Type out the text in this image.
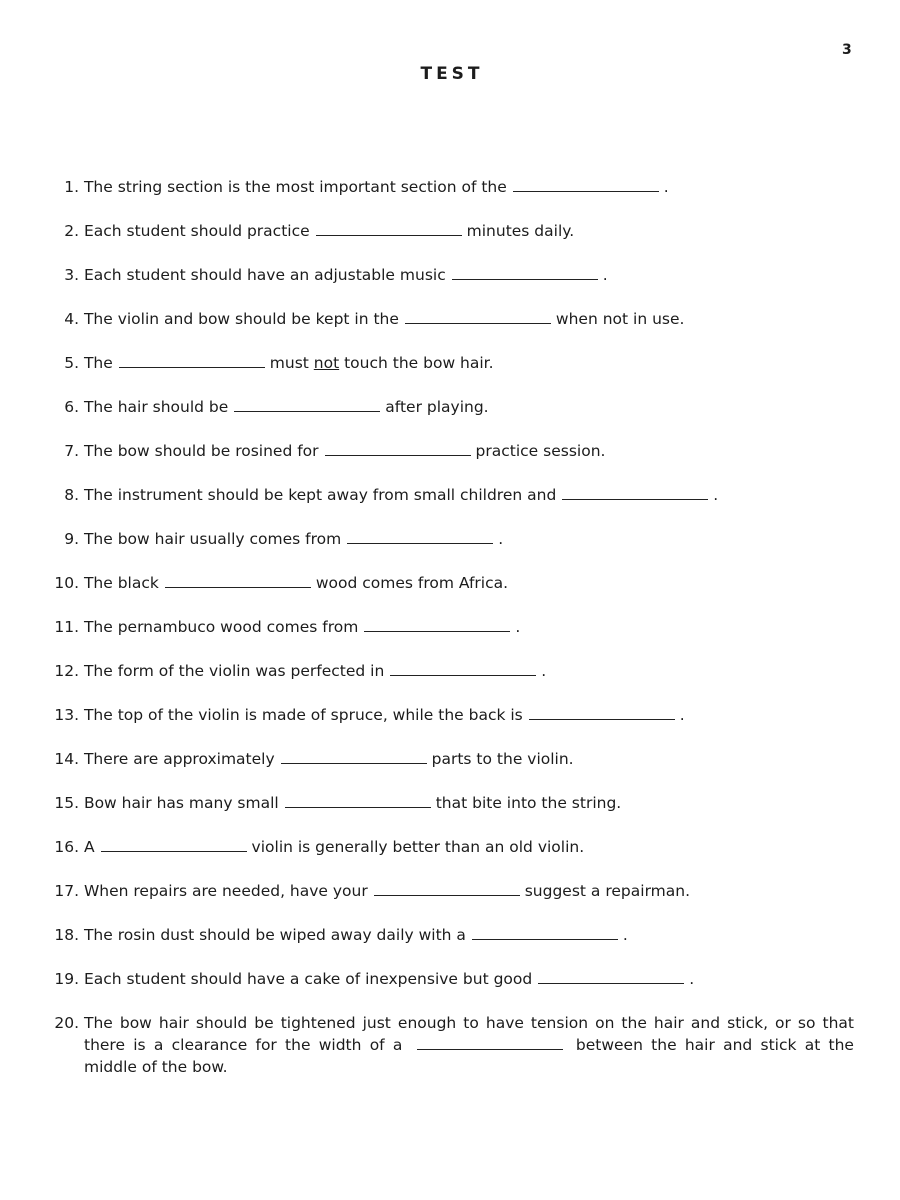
3
TEST
1. The string section is the most important section of the	.
2. Each student should practice	minutes daily.
3. Each student should have an adjustable music	.
4. The violin and bow should be kept in the	when not in use.
5. The	must not touch the bow hair.
6. The hair should be	after playing.
7. The bow should be rosined for	practice session.
8. The instrument should be kept away from small children and	.
9. The bow hair usually comes from	.
10. The black	wood comes from Africa.
11. The pernambuco wood comes from	.
12. The form of the violin was perfected in	.
13. The top of the violin is made of spruce, while the back is	.
14. There are approximately	parts to the violin.
15. Bow hair has many small	that bite into the string.
16. A	violin is generally better than an old violin.
17. When repairs are needed, have your	suggest a repairman.
18. The rosin dust should be wiped away daily with a	.
19. Each student should have a cake of inexpensive but good	.
20. The bow hair should be tightened just enough to have tension on the hair and stick, or so that
there is a clearance for the width of a	between the hair and stick at the
middle of the bow.
